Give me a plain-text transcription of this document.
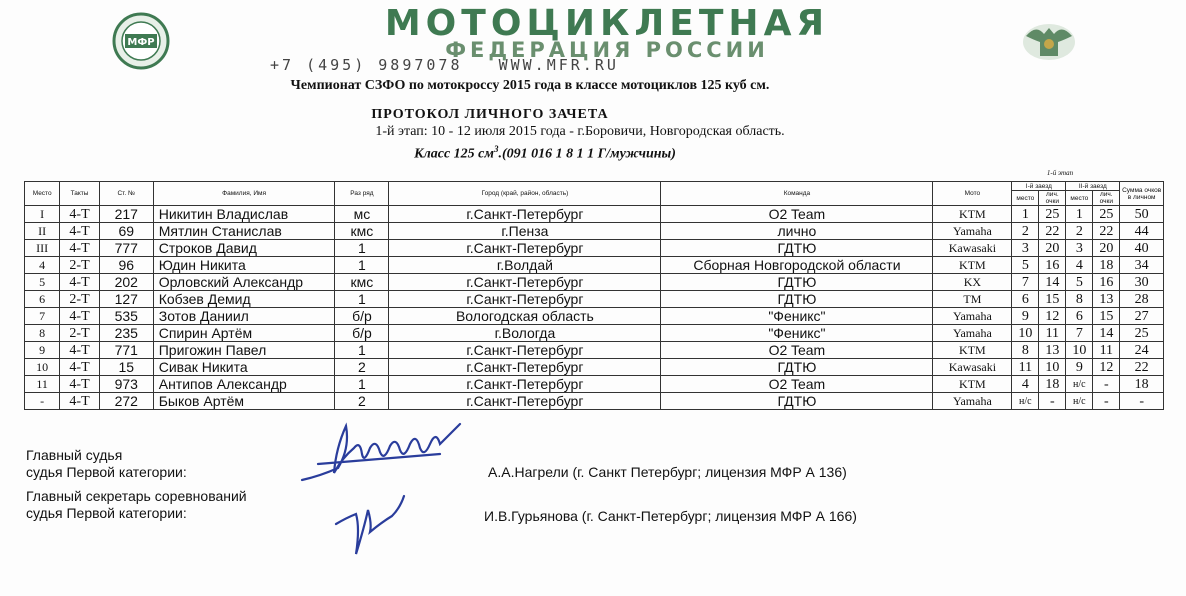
МФР	МОТОЦИКЛЕТНАЯ
ФЕДЕРАЦИЯ РОССИИ
+7 (495) 9897078   WWW.MFR.RU
Чемпионат СЗФО по мотокроссу 2015 года в классе мотоциклов 125 куб см.
ПРОТОКОЛ ЛИЧНОГО ЗАЧЕТА
1-й этап: 10 - 12 июля 2015 года - г.Боровичи, Новгородская область.
Класс 125 $см^3.(091$ 016 1 8 1 1 Г/мужчины)
1-й этап
Место	Такты	Ст. №	Фамилия, Имя	Раз ряд	Город (край, район, область)	Команда	Мото	I-й заезд		II-й заезд		Сумма очков в личном
								место	лич. очки	место	лич. очки	
I	4-T	217	Никитин Владислав	мс	г.Санкт-Петербург	O2 Team	KTM	1	25	1	25	50
II	4-T	69	Мятлин Станислав	кмс	г.Пенза	лично	Yamaha	2	22	2	22	44
III	4-T	777	Строков Давид	1	г.Санкт-Петербург	ГДТЮ	Kawasaki	3	20	3	20	40
4	2-T	96	Юдин Никита	1	г.Волдай	Сборная Новгородской области	KTM	5	16	4	18	34
5	4-T	202	Орловский Александр	кмс	г.Санкт-Петербург	ГДТЮ	KX	7	14	5	16	30
6	2-T	127	Кобзев Демид	1	г.Санкт-Петербург	ГДТЮ	TM	6	15	8	13	28
7	4-T	535	Зотов Даниил	б/р	Вологодская область	"Феникс"	Yamaha	9	12	6	15	27
8	2-T	235	Спирин Артём	б/р	г.Вологда	"Феникс"	Yamaha	10	11	7	14	25
9	4-T	771	Пригожин Павел	1	г.Санкт-Петербург	O2 Team	KTM	8	13	10	11	24
10	4-T	15	Сивак Никита	2	г.Санкт-Петербург	ГДТЮ	Kawasaki	11	10	9	12	22
11	4-T	973	Антипов Александр	1	г.Санкт-Петербург	O2 Team	KTM	4	18	н/с	-	18
-	4-T	272	Быков Артём	2	г.Санкт-Петербург	ГДТЮ	Yamaha	н/с	-	н/с	-	-
Главный судья
судья Первой категории:	А.А.Нагрели (г. Санкт Петербург; лицензия МФР А 136)
Главный секретарь соревнований
судья Первой категории:	И.В.Гурьянова (г. Санкт-Петербург; лицензия МФР А 166)
